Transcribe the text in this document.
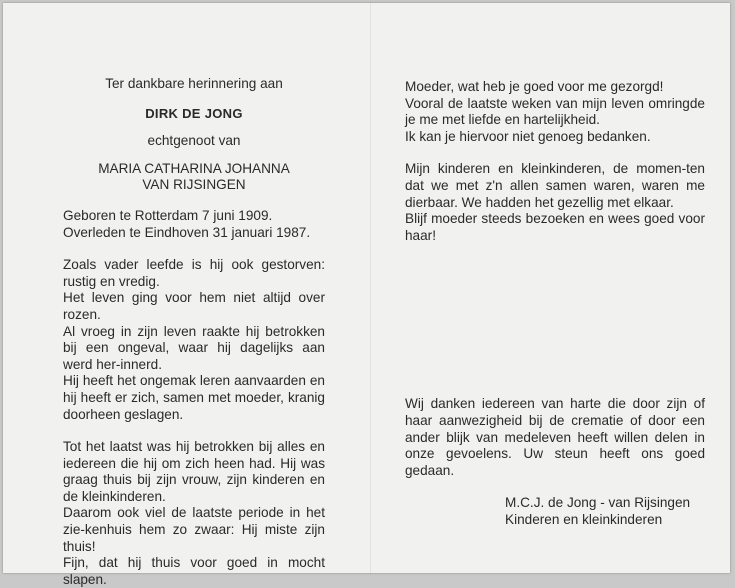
Ter dankbare herinnering aan

DIRK DE JONG

echtgenoot van

MARIA CATHARINA JOHANNA

VAN RIJSINGEN

Geboren te Rotterdam 7 juni 1909.

Overleden te Eindhoven 31 januari 1987.

Zoals vader leefde is hij ook gestorven: rustig en vredig.

Het leven ging voor hem niet altijd over rozen.

Al vroeg in zijn leven raakte hij betrokken bij een ongeval, waar hij dagelijks aan werd her-innerd.

Hij heeft het ongemak leren aanvaarden en hij heeft er zich, samen met moeder, kranig doorheen geslagen.

Tot het laatst was hij betrokken bij alles en iedereen die hij om zich heen had. Hij was graag thuis bij zijn vrouw, zijn kinderen en de kleinkinderen.

Daarom ook viel de laatste periode in het zie-kenhuis hem zo zwaar: Hij miste zijn thuis!

Fijn, dat hij thuis voor goed in mocht slapen.

Moeder, wat heb je goed voor me gezorgd!

Vooral de laatste weken van mijn leven omringde je me met liefde en hartelijkheid.

Ik kan je hiervoor niet genoeg bedanken.

Mijn kinderen en kleinkinderen, de momen-ten dat we met z'n allen samen waren, waren me dierbaar. We hadden het gezellig met elkaar.

Blijf moeder steeds bezoeken en wees goed voor haar!

Wij danken iedereen van harte die door zijn of haar aanwezigheid bij de crematie of door een ander blijk van medeleven heeft willen delen in onze gevoelens. Uw steun heeft ons goed gedaan.

M.C.J. de Jong - van Rijsingen

Kinderen en kleinkinderen
